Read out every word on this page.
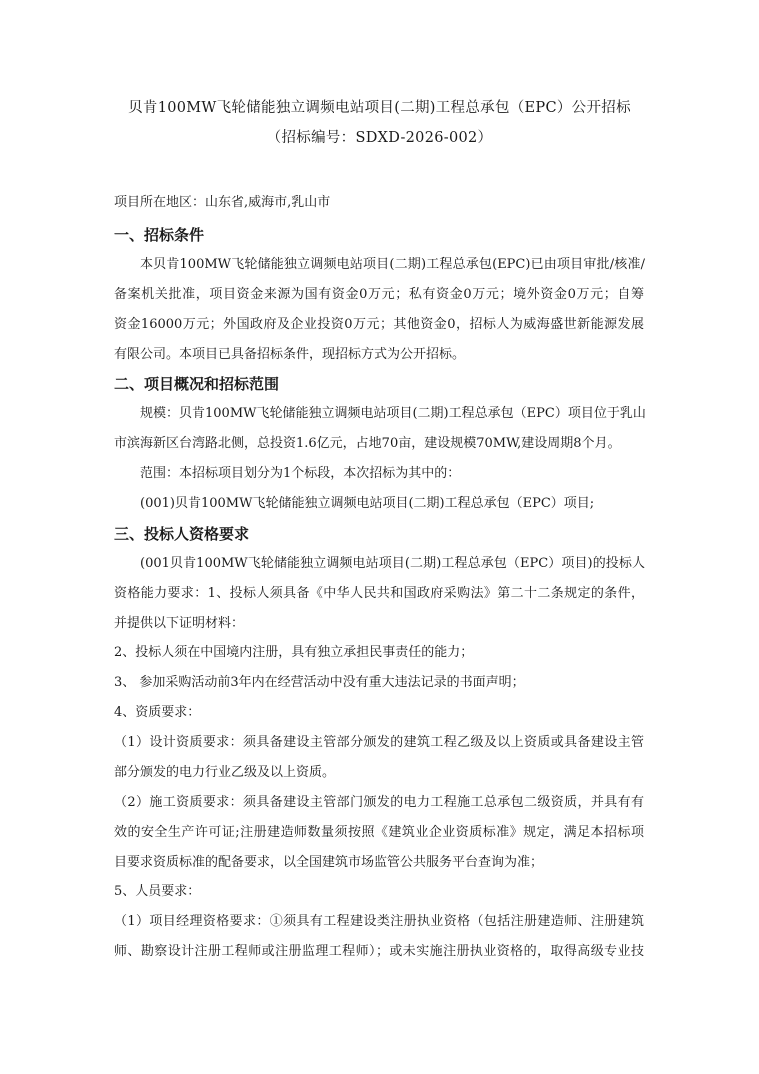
贝肯100MW飞轮储能独立调频电站项目(二期)工程总承包（EPC）公开招标
（招标编号：SDXD-2026-002）
项目所在地区：山东省,威海市,乳山市
一、招标条件
本贝肯100MW飞轮储能独立调频电站项目(二期)工程总承包(EPC)已由项目审批/核准/
备案机关批准，项目资金来源为国有资金0万元；私有资金0万元；境外资金0万元；自筹
资金16000万元；外国政府及企业投资0万元；其他资金0，招标人为威海盛世新能源发展
有限公司。本项目已具备招标条件，现招标方式为公开招标。
二、项目概况和招标范围
规模：贝肯100MW飞轮储能独立调频电站项目(二期)工程总承包（EPC）项目位于乳山
市滨海新区台湾路北侧，总投资1.6亿元，占地70亩，建设规模70MW,建设周期8个月。
范围：本招标项目划分为1个标段，本次招标为其中的：
(001)贝肯100MW飞轮储能独立调频电站项目(二期)工程总承包（EPC）项目;
三、投标人资格要求
(001贝肯100MW飞轮储能独立调频电站项目(二期)工程总承包（EPC）项目)的投标人
资格能力要求：1、投标人须具备《中华人民共和国政府采购法》第二十二条规定的条件，
并提供以下证明材料：
2、投标人须在中国境内注册，具有独立承担民事责任的能力；
3、 参加采购活动前3年内在经营活动中没有重大违法记录的书面声明；
4、资质要求：
（1）设计资质要求：须具备建设主管部分颁发的建筑工程乙级及以上资质或具备建设主管
部分颁发的电力行业乙级及以上资质。
（2）施工资质要求：须具备建设主管部门颁发的电力工程施工总承包二级资质，并具有有
效的安全生产许可证;注册建造师数量须按照《建筑业企业资质标准》规定，满足本招标项
目要求资质标准的配备要求，以全国建筑市场监管公共服务平台查询为准；
5、人员要求：
（1）项目经理资格要求：①须具有工程建设类注册执业资格（包括注册建造师、注册建筑
师、勘察设计注册工程师或注册监理工程师）；或未实施注册执业资格的，取得高级专业技
